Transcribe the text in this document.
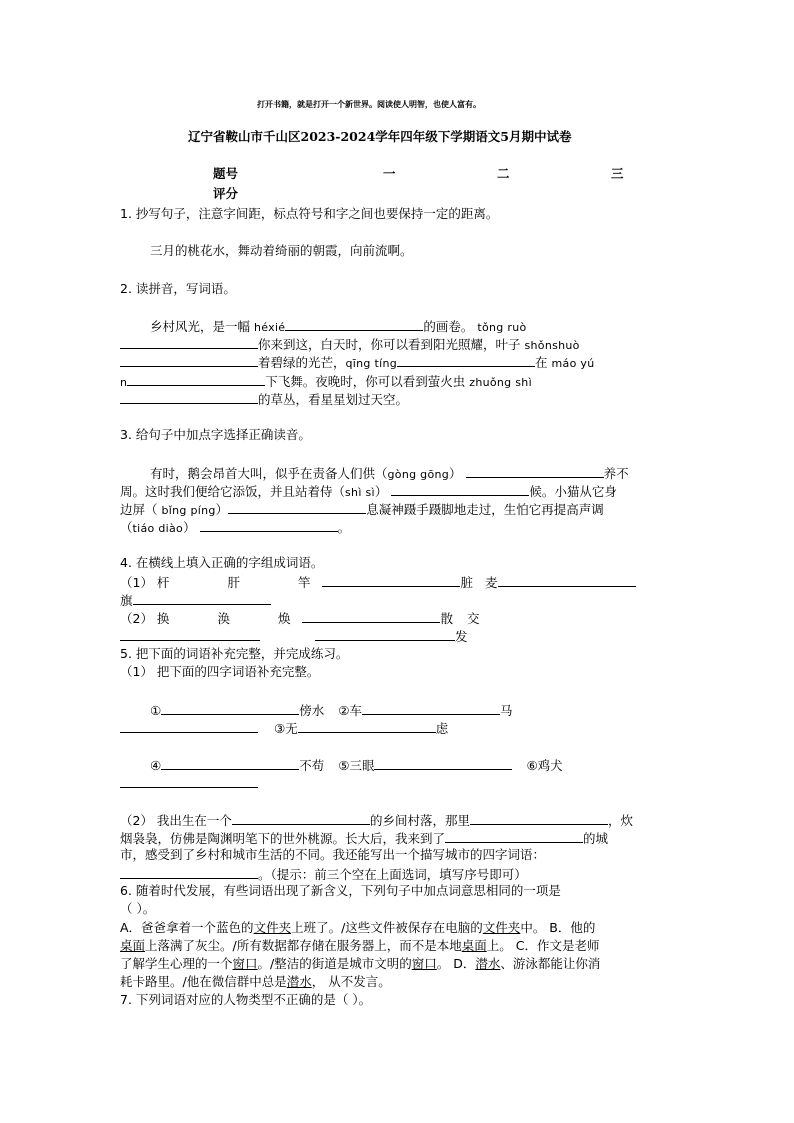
打开书籍，就是打开一个新世界。阅读使人明智，也使人富有。
辽宁省鞍山市千山区2023-2024学年四年级下学期语文5月期中试卷
题号	一	二	三
评分
1. 抄写句子，注意字间距，标点符号和字之间也要保持一定的距离。
三月的桃花水，舞动着绮丽的朝霞，向前流啊。
2. 读拼音，写词语。
乡村风光，是一幅 héxié	的画卷。 tǒng ruò
你来到这，白天时，你可以看到阳光照耀，叶子 shǒnshuò
着碧绿的光芒，qīng tíng	在 máo yú
n	下飞舞。夜晚时，你可以看到萤火虫 zhuǒng shì
的草丛，看星星划过天空。
3. 给句子中加点字选择正确读音。
有时，鹅会昂首大叫，似乎在责备人们供（gòng gōng）	养不
周。这时我们便给它添饭，并且站着侍（shì sì）	候。小猫从它身
边屏（ bǐng píng）	息凝神蹑手蹑脚地走过，生怕它再提高声调
（tiáo diào）	。
4. 在横线上填入正确的字组成词语。
（1） 杆	肝	竿	脏 麦
旗
（2） 换	涣	焕	散 交
发
5. 把下面的词语补充完整，并完成练习。
（1） 把下面的四字词语补充完整。
①	傍水 ②车	马
③无	虑
④	不苟 ⑤三眼	⑥鸡犬
（2） 我出生在一个	的乡间村落，那里	，炊
烟袅袅，仿佛是陶渊明笔下的世外桃源。长大后，我来到了	的城
市，感受到了乡村和城市生活的不同。我还能写出一个描写城市的四字词语：
。（提示：前三个空在上面选词，填写序号即可）
6. 随着时代发展，有些词语出现了新含义，下列句子中加点词意思相同的一项是
（ ）。
A．爸爸拿着一个蓝色的文件夹上班了。/这些文件被保存在电脑的文件夹中。 B．他的
桌面上落满了灰尘。/所有数据都存储在服务器上，而不是本地桌面上。 C．作文是老师
了解学生心理的一个窗口。/整洁的街道是城市文明的窗口。 D．潜水、游泳都能让你消
耗卡路里。/他在微信群中总是潜水， 从不发言。
7. 下列词语对应的人物类型不正确的是（ ）。
